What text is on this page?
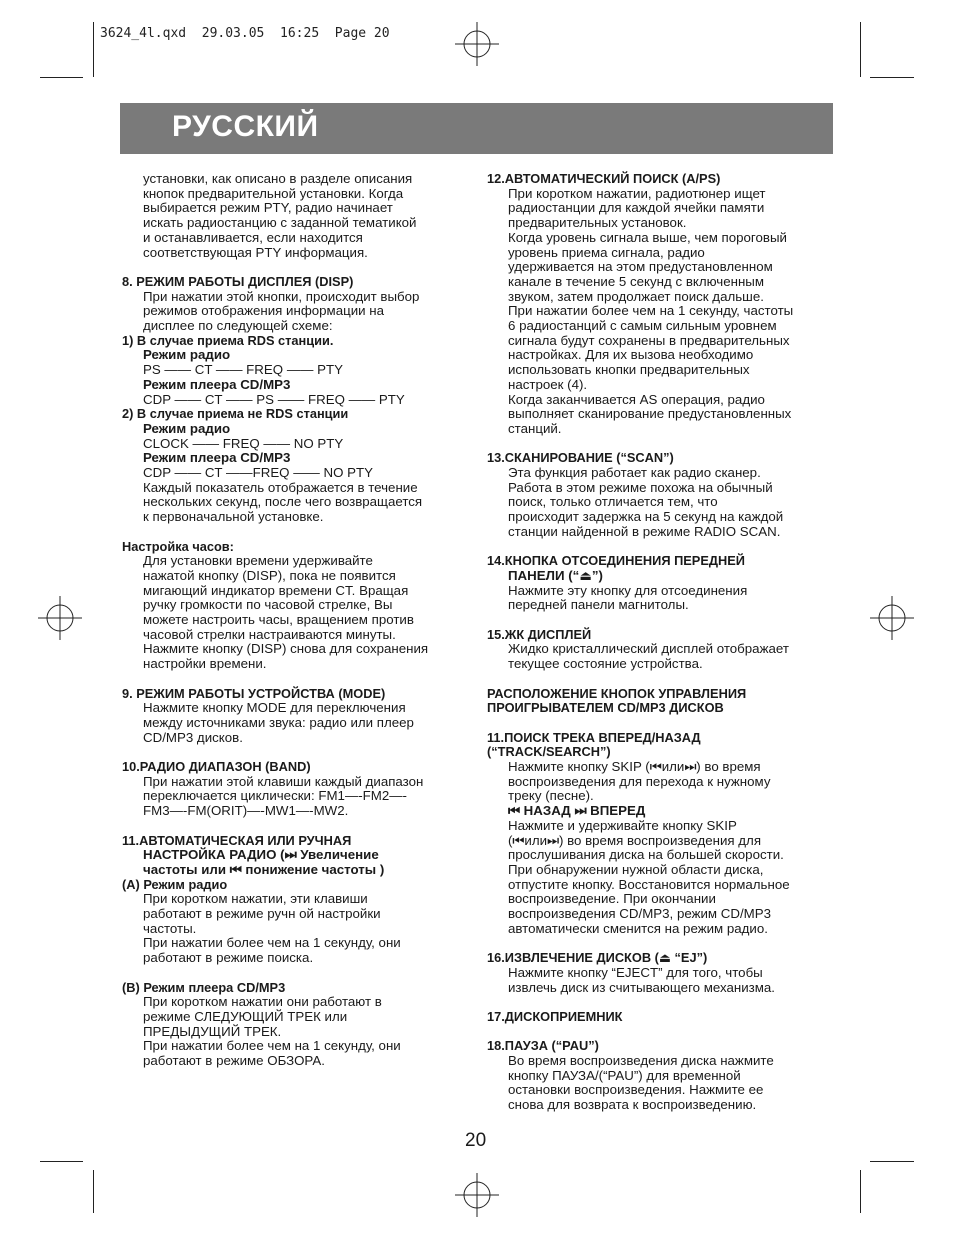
3624_4l.qxd  29.03.05  16:25  Page 20
РУССКИЙ
установки, как описано в разделе описания
кнопок предварительной установки. Когда
выбирается режим PTY, радио начинает
искать радиостанцию с заданной тематикой
и останавливается, если находится
соответствующая PTY информация.
8. РЕЖИМ РАБОТЫ ДИСПЛЕЯ (DISP)
При нажатии этой кнопки, происходит выбор
режимов отображения информации на
дисплее по следующей схеме:
1) В случае приема RDS станции.
Режим радио
PS —— CT —— FREQ —— PTY
Режим плеера CD/MP3
CDP —— CT —— PS —— FREQ —— PTY
2) В случае приема не RDS станции
Режим радио
CLOCK —— FREQ —— NO PTY
Режим плеера CD/MP3
CDP —— CT ——FREQ —— NO PTY
Каждый показатель отображается в течение
нескольких секунд, после чего возвращается
к первоначальной установке.
Настройка часов:
Для установки времени удерживайте
нажатой кнопку (DISP), пока не появится
мигающий индикатор времени CT. Вращая
ручку громкости по часовой стрелке, Вы
можете настроить часы, вращением против
часовой стрелки настраиваются минуты.
Нажмите кнопку (DISP) снова для сохранения
настройки времени.
9. РЕЖИМ РАБОТЫ УСТРОЙСТВА (MODE)
Нажмите кнопку MODE для переключения
между источниками звука: радио или плеер
CD/MP3 дисков.
10.РАДИО ДИАПАЗОН (BAND)
При нажатии этой клавиши каждый диапазон
переключается циклически: FM1—-FM2—-
FM3—-FM(ORIT)—-MW1—-MW2.
11.АВТОМАТИЧЕСКАЯ ИЛИ РУЧНАЯ
НАСТРОЙКА РАДИО (⏭ Увеличение
частоты или ⏮ понижение частоты )
(A) Режим радио
При коротком нажатии, эти клавиши
работают в режиме ручн ой настройки
частоты.
При нажатии более чем на 1 секунду, они
работают в режиме поиска.
(B) Режим плеера CD/MP3
При коротком нажатии они работают в
режиме СЛЕДУЮЩИЙ ТРЕК или
ПРЕДЫДУЩИЙ ТРЕК.
При нажатии более чем на 1 секунду, они
работают в режиме ОБЗОРА.
12.АВТОМАТИЧЕСКИЙ ПОИСК (A/PS)
При коротком нажатии, радиотюнер ищет
радиостанции для каждой ячейки памяти
предварительных установок.
Когда уровень сигнала выше, чем пороговый
уровень приема сигнала, радио
удерживается на этом предустановленном
канале в течение 5 секунд с включенным
звуком, затем продолжает поиск дальше.
При нажатии более чем на 1 секунду, частоты
6 радиостанций с самым сильным уровнем
сигнала будут сохранены в предварительных
настройках. Для их вызова необходимо
использовать кнопки предварительных
настроек (4).
Когда заканчивается AS операция, радио
выполняет сканирование предустановленных
станций.
13.СКАНИРОВАНИЕ (“SCAN”)
Эта функция работает как радио сканер.
Работа в этом режиме похожа на обычный
поиск, только отличается тем, что
происходит задержка на 5 секунд на каждой
станции найденной в режиме RADIO SCAN.
14.КНОПКА ОТСОЕДИНЕНИЯ ПЕРЕДНЕЙ
ПАНЕЛИ (“⏏”)
Нажмите эту кнопку для отсоединения
передней панели магнитолы.
15.ЖК ДИСПЛЕЙ
Жидко кристаллический дисплей отображает
текущее состояние устройства.
РАСПОЛОЖЕНИЕ КНОПОК УПРАВЛЕНИЯ
ПРОИГРЫВАТЕЛЕМ CD/MP3 ДИСКОВ
11.ПОИСК ТРЕКА ВПЕРЕД/НАЗАД
(“TRACK/SEARCH”)
Нажмите кнопку SKIP (⏮или⏭) во время
воспроизведения для перехода к нужному
треку (песне).
⏮ НАЗАД ⏭ ВПЕРЕД
Нажмите и удерживайте кнопку SKIP
(⏮или⏭) во время воспроизведения для
прослушивания диска на большей скорости.
При обнаружении нужной области диска,
отпустите кнопку. Восстановится нормальное
воспроизведение. При окончании
воспроизведения CD/MP3, режим CD/MP3
автоматически сменится на режим радио.
16.ИЗВЛЕЧЕНИЕ ДИСКОВ (⏏ “EJ”)
Нажмите кнопку “EJECT” для того, чтобы
извлечь диск из считывающего механизма.
17.ДИСКОПРИЕМНИК
18.ПАУЗА (“PAU”)
Во время воспроизведения диска нажмите
кнопку ПАУЗА/(“PAU”) для временной
остановки воспроизведения. Нажмите ее
снова для возврата к воспроизведению.
20
